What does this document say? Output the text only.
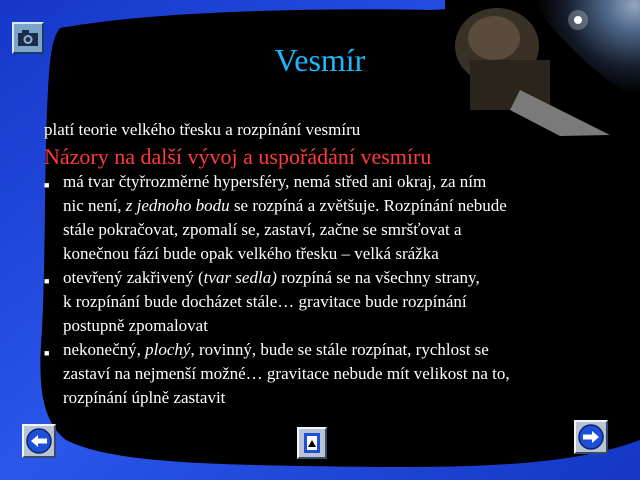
Vesmír
platí teorie velkého třesku a rozpínání vesmíru
Názory na další vývoj a uspořádání vesmíru
■ má tvar čtyřrozměrné hypersféry, nemá střed ani okraj, za ním
nic není, z jednoho bodu se rozpíná a zvětšuje. Rozpínání nebude
stále pokračovat, zpomalí se, zastaví, začne se smršťovat a
konečnou fází bude opak velkého třesku – velká srážka
■ otevřený zakřivený (tvar sedla) rozpíná se na všechny strany,
k rozpínání bude docházet stále… gravitace bude rozpínání
postupně zpomalovat
■ nekonečný, plochý, rovinný, bude se stále rozpínat, rychlost se
zastaví na nejmenší možné… gravitace nebude mít velikost na to,
rozpínání úplně zastavit
